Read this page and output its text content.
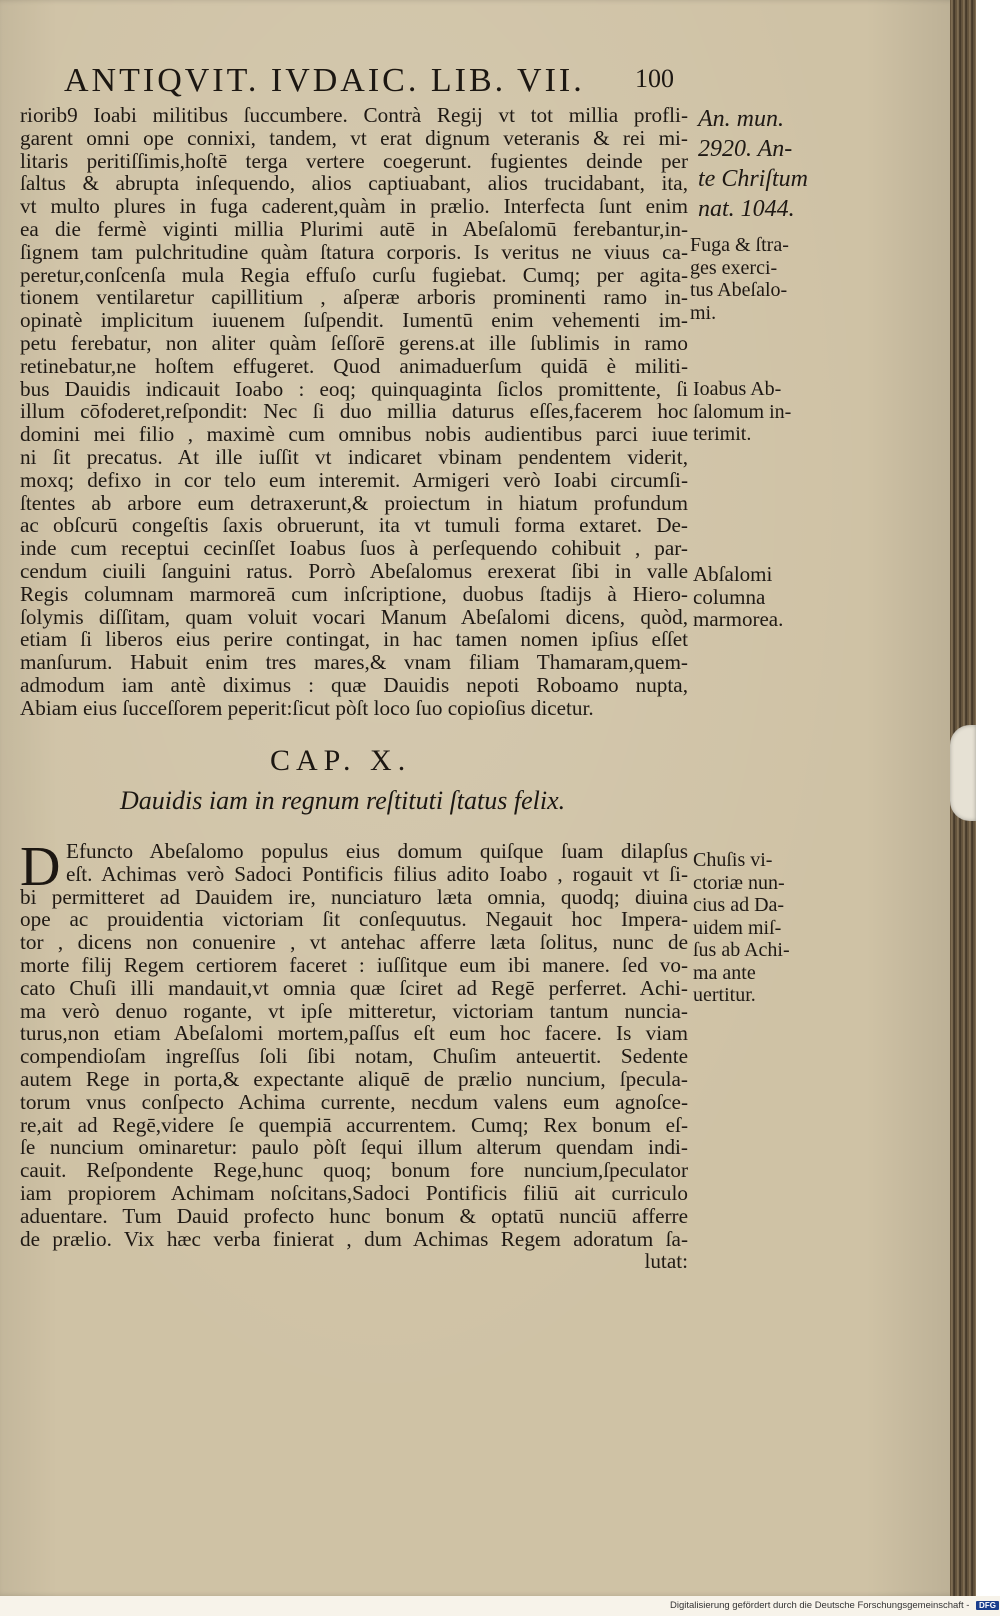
ANTIQVIT. IVDAIC. LIB. VII.	100
riorib9 Ioabi militibus ſuccumbere. Contrà Regij vt tot millia profli-
garent omni ope connixi, tandem, vt erat dignum veteranis & rei mi-
litaris peritiſſimis,hoſtē terga vertere coegerunt. fugientes deinde per
ſaltus & abrupta inſequendo, alios captiuabant, alios trucidabant, ita,
vt multo plures in fuga caderent,quàm in prælio. Interfecta ſunt enim
ea die fermè viginti millia Plurimi autē in Abeſalomū ferebantur,in-
ſignem tam pulchritudine quàm ſtatura corporis. Is veritus ne viuus ca-
peretur,conſcenſa mula Regia effuſo curſu fugiebat. Cumq; per agita-
tionem ventilaretur capillitium , aſperæ arboris prominenti ramo in-
opinatè implicitum iuuenem ſuſpendit. Iumentū enim vehementi im-
petu ferebatur, non aliter quàm ſeſſorē gerens.at ille ſublimis in ramo
retinebatur,ne hoſtem effugeret. Quod animaduerſum quidā è militi-
bus Dauidis indicauit Ioabo : eoq; quinquaginta ſiclos promittente, ſi
illum cōfoderet,reſpondit: Nec ſi duo millia daturus eſſes,facerem hoc
domini mei filio , maximè cum omnibus nobis audientibus parci iuue
ni ſit precatus. At ille iuſſit vt indicaret vbinam pendentem viderit,
moxq; defixo in cor telo eum interemit. Armigeri verò Ioabi circumſi-
ſtentes ab arbore eum detraxerunt,& proiectum in hiatum profundum
ac obſcurū congeſtis ſaxis obruerunt, ita vt tumuli forma extaret. De-
inde cum receptui cecinſſet Ioabus ſuos à perſequendo cohibuit , par-
cendum ciuili ſanguini ratus. Porrò Abeſalomus erexerat ſibi in valle
Regis columnam marmoreā cum inſcriptione, duobus ſtadijs à Hiero-
ſolymis diſſitam, quam voluit vocari Manum Abeſalomi dicens, quòd,
etiam ſi liberos eius perire contingat, in hac tamen nomen ipſius eſſet
manſurum. Habuit enim tres mares,& vnam filiam Thamaram,quem-
admodum iam antè diximus : quæ Dauidis nepoti Roboamo nupta,
Abiam eius ſucceſſorem peperit:ſicut pòſt loco ſuo copioſius dicetur.
CAP. X.
Dauidis iam in regnum reſtituti ſtatus felix.
D Efuncto Abeſalomo populus eius domum quiſque ſuam dilapſus
eſt. Achimas verò Sadoci Pontificis filius adito Ioabo , rogauit vt ſi-
bi permitteret ad Dauidem ire, nunciaturo læta omnia, quodq; diuina
ope ac prouidentia victoriam ſit conſequutus. Negauit hoc Impera-
tor , dicens non conuenire , vt antehac afferre læta ſolitus, nunc de
morte filij Regem certiorem faceret : iuſſitque eum ibi manere. ſed vo-
cato Chuſi illi mandauit,vt omnia quæ ſciret ad Regē perferret. Achi-
ma verò denuo rogante, vt ipſe mitteretur, victoriam tantum nuncia-
turus,non etiam Abeſalomi mortem,paſſus eſt eum hoc facere. Is viam
compendioſam ingreſſus ſoli ſibi notam, Chuſim anteuertit. Sedente
autem Rege in porta,& expectante aliquē de prælio nuncium, ſpecula-
torum vnus conſpecto Achima currente, necdum valens eum agnoſce-
re,ait ad Regē,videre ſe quempiā accurrentem. Cumq; Rex bonum eſ-
ſe nuncium ominaretur: paulo pòſt ſequi illum alterum quendam indi-
cauit. Reſpondente Rege,hunc quoq; bonum fore nuncium,ſpeculator
iam propiorem Achimam noſcitans,Sadoci Pontificis filiū ait curriculo
aduentare. Tum Dauid profecto hunc bonum & optatū nunciū afferre
de prælio. Vix hæc verba finierat , dum Achimas Regem adoratum ſa-
lutat:
An. mun.
2920. An-
te Chriſtum
nat. 1044.
Fuga & ſtra-
ges exerci-
tus Abeſalo-
mi.
Ioabus Ab-
ſalomum in-
terimit.
Abſalomi
columna
marmorea.
Chuſis vi-
ctoriæ nun-
cius ad Da-
uidem miſ-
ſus ab Achi-
ma ante
uertitur.
Digitalisierung gefördert durch die Deutsche Forschungsgemeinschaft - DFG
